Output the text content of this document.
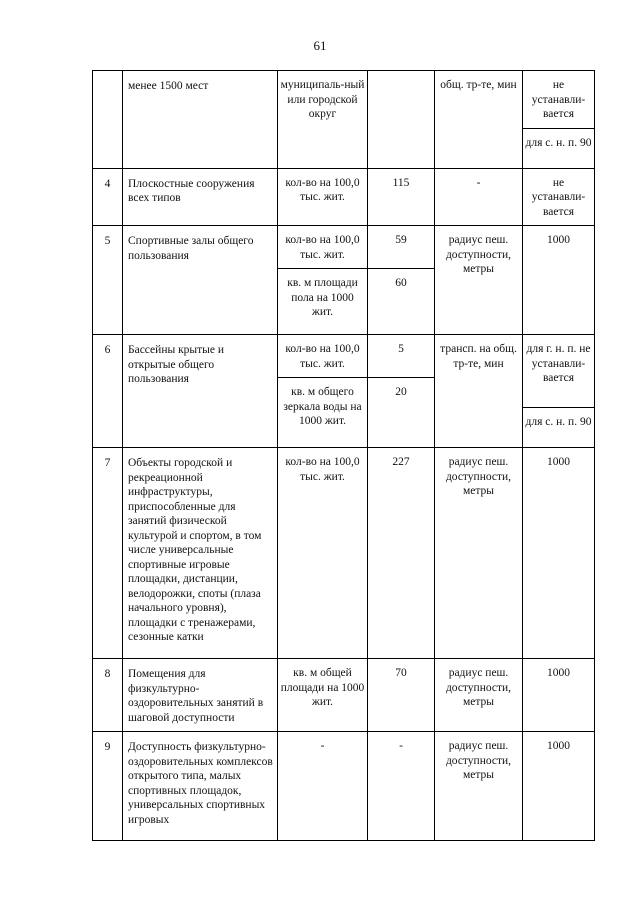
61
	менее 1500 мест	муниципаль-ный или городской округ		общ. тр-те, мин	не устанавли-вается
					для с. н. п. 90
4	Плоскостные сооружения всех типов	кол-во на 100,0 тыс. жит.	115	-	не устанавли-вается
5	Спортивные залы общего пользования	кол-во на 100,0 тыс. жит.	59	радиус пеш. доступности, метры	1000
		кв. м площади пола на 1000 жит.	60		
6	Бассейны крытые и открытые общего пользования	кол-во на 100,0 тыс. жит.	5	трансп. на общ. тр-те, мин	для г. н. п. не устанавли-вается
		кв. м общего зеркала воды на 1000 жит.	20		
					для с. н. п. 90
7	Объекты городской и рекреационной инфраструктуры, приспособленные для занятий физической культурой и спортом, в том числе универсальные спортивные игровые площадки, дистанции, велодорожки, споты (плаза начального уровня), площадки с тренажерами, сезонные катки	кол-во на 100,0 тыс. жит.	227	радиус пеш. доступности, метры	1000
8	Помещения для физкультурно-оздоровительных занятий в шаговой доступности	кв. м общей площади на 1000 жит.	70	радиус пеш. доступности, метры	1000
9	Доступность физкультурно-оздоровительных комплексов открытого типа, малых спортивных площадок, универсальных спортивных игровых	-	-	радиус пеш. доступности, метры	1000
